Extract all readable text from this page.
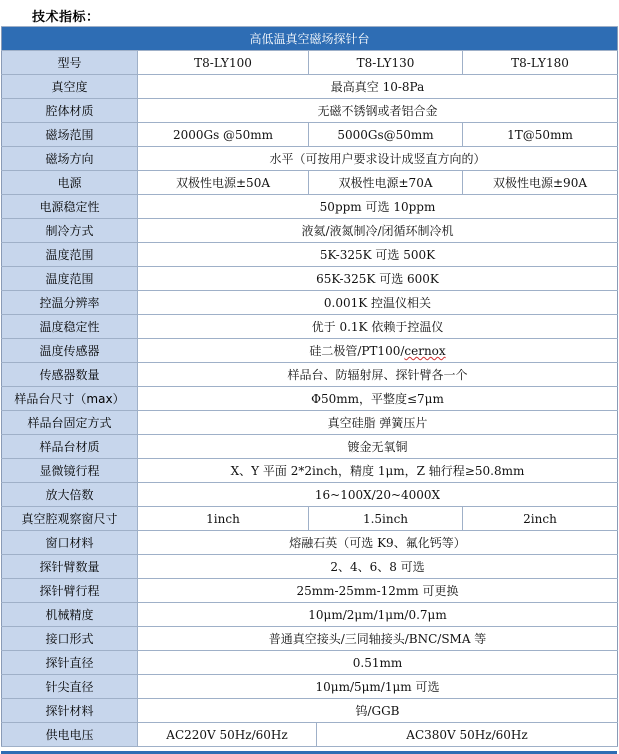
技术指标：
高低温真空磁场探针台				
型号	T8-LY100	T8-LY130		T8-LY180
真空度	最高真空 10-8Pa			
腔体材质	无磁不锈钢或者铝合金			
磁场范围	2000Gs @50mm	5000Gs@50mm		1T@50mm
磁场方向	水平（可按用户要求设计成竖直方向的）			
电源	双极性电源±50A	双极性电源±70A		双极性电源±90A
电源稳定性	50ppm 可选 10ppm			
制冷方式	液氦/液氮制冷/闭循环制冷机			
温度范围	5K-325K 可选 500K			
温度范围	65K-325K 可选 600K			
控温分辨率	0.001K 控温仪相关			
温度稳定性	优于 0.1K 依赖于控温仪			
温度传感器	硅二极管/PT100/cernox			
传感器数量	样品台、防辐射屏、探针臂各一个			
样品台尺寸（max）	Φ50mm，平整度≤7μm			
样品台固定方式	真空硅脂 弹簧压片			
样品台材质	镀金无氧铜			
显微镜行程	X、Y 平面 2*2inch，精度 1μm，Z 轴行程≥50.8mm			
放大倍数	16~100X/20~4000X			
真空腔观察窗尺寸	1inch	1.5inch		2inch
窗口材料	熔融石英（可选 K9、氟化钙等）			
探针臂数量	2、4、6、8 可选			
探针臂行程	25mm-25mm-12mm 可更换			
机械精度	10μm/2μm/1μm/0.7μm			
接口形式	普通真空接头/三同轴接头/BNC/SMA 等			
探针直径	0.51mm			
针尖直径	10μm/5μm/1μm 可选			
探针材料	钨/GGB			
供电电压	AC220V 50Hz/60Hz		AC380V 50Hz/60Hz	
